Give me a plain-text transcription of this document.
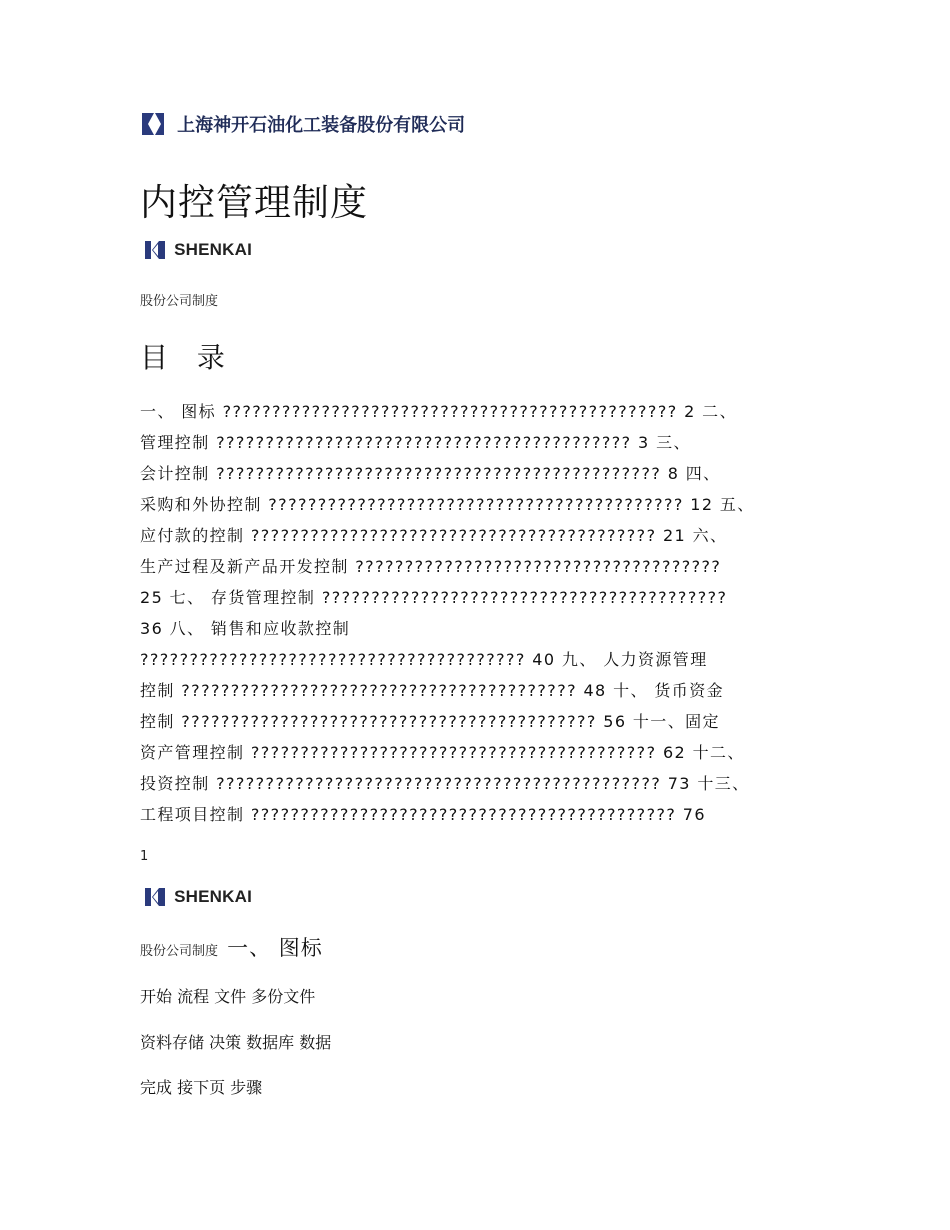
上海神开石油化工装备股份有限公司
内控管理制度
SHENKAI
股份公司制度
目 录
一、 图标 ?????????????????????????????????????????????? 2 二、
管理控制 ?????????????????????????????????????????? 3 三、
会计控制 ????????????????????????????????????????????? 8 四、
采购和外协控制 ?????????????????????????????????????????? 12 五、
应付款的控制 ????????????????????????????????????????? 21 六、
生产过程及新产品开发控制 ?????????????????????????????????????
25 七、 存货管理控制 ?????????????????????????????????????????
36 八、 销售和应收款控制
??????????????????????????????????????? 40 九、 人力资源管理
控制 ???????????????????????????????????????? 48 十、 货币资金
控制 ?????????????????????????????????????????? 56 十一、固定
资产管理控制 ????????????????????????????????????????? 62 十二、
投资控制 ????????????????????????????????????????????? 73 十三、
工程项目控制 ??????????????????????????????????????????? 76
1
SHENKAI
股份公司制度 一、 图标
开始 流程 文件 多份文件
资料存储 决策 数据库 数据
完成 接下页 步骤
